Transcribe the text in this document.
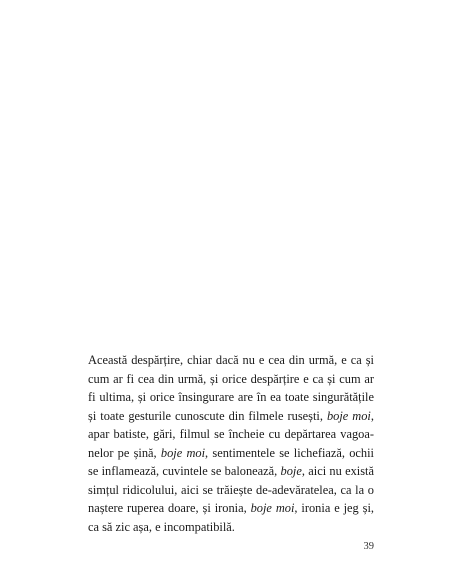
Această despărțire, chiar dacă nu e cea din urmă, e ca și
cum ar fi cea din urmă, și orice despărțire e ca și cum ar
fi ultima, și orice însingurare are în ea toate singurătățile
și toate gesturile cunoscute din filmele rusești, boje moi,
apar batiste, gări, filmul se încheie cu depărtarea vagoa-
nelor pe șină, boje moi, sentimentele se lichefiază, ochii
se inflamează, cuvintele se balonează, boje, aici nu există
simțul ridicolului, aici se trăiește de-adevăratelea, ca la o
naștere ruperea doare, și ironia, boje moi, ironia e jeg și,
ca să zic așa, e incompatibilă.

39
